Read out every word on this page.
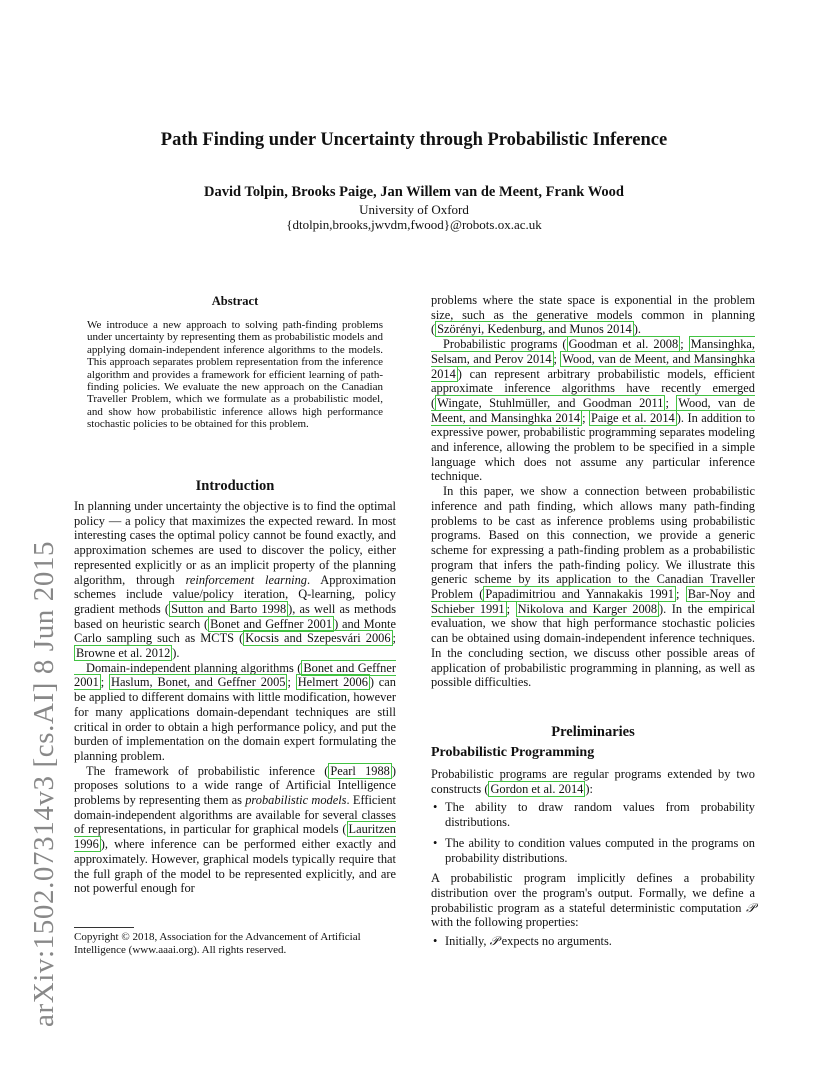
Path Finding under Uncertainty through Probabilistic Inference
David Tolpin, Brooks Paige, Jan Willem van de Meent, Frank Wood
University of Oxford
{dtolpin,brooks,jwvdm,fwood}@robots.ox.ac.uk
arXiv:1502.07314v3 [cs.AI] 8 Jun 2015
Abstract
We introduce a new approach to solving path-finding problems under uncertainty by representing them as probabilistic models and applying domain-independent inference algorithms to the models. This approach separates problem representation from the inference algorithm and provides a framework for efficient learning of path-finding policies. We evaluate the new approach on the Canadian Traveller Problem, which we formulate as a probabilistic model, and show how probabilistic inference allows high performance stochastic policies to be obtained for this problem.
Introduction

In planning under uncertainty the objective is to find the optimal policy — a policy that maximizes the expected reward. In most interesting cases the optimal policy cannot be found exactly, and approximation schemes are used to discover the policy, either represented explicitly or as an implicit property of the planning algorithm, through reinforcement learning. Approximation schemes include value/policy iteration, Q-learning, policy gradient methods ( Sutton and Barto 1998 ), as well as methods based on heuristic search ( Bonet and Geffner 2001 ) and Monte Carlo sampling such as MCTS ( Kocsis and Szepesvári 2006 ; Browne et al. 2012 ).

Domain-independent planning algorithms ( Bonet and Geffner 2001 ; Haslum, Bonet, and Geffner 2005 ; Helmert 2006 ) can be applied to different domains with little modification, however for many applications domain-dependant techniques are still critical in order to obtain a high performance policy, and put the burden of implementation on the domain expert formulating the planning problem.

The framework of probabilistic inference ( Pearl 1988 ) proposes solutions to a wide range of Artificial Intelligence problems by representing them as probabilistic models. Efficient domain-independent algorithms are available for several classes of representations, in particular for graphical models ( Lauritzen 1996 ), where inference can be performed either exactly and approximately. However, graphical models typically require that the full graph of the model to be represented explicitly, and are not powerful enough for

Copyright © 2018, Association for the Advancement of Artificial Intelligence (www.aaai.org). All rights reserved.

problems where the state space is exponential in the problem size, such as the generative models common in planning ( Szörényi, Kedenburg, and Munos 2014 ).

Probabilistic programs ( Goodman et al. 2008 ; Mansinghka, Selsam, and Perov 2014 ; Wood, van de Meent, and Mansinghka 2014 ) can represent arbitrary probabilistic models, efficient approximate inference algorithms have recently emerged ( Wingate, Stuhlmüller, and Goodman 2011 ; Wood, van de Meent, and Mansinghka 2014 ; Paige et al. 2014 ). In addition to expressive power, probabilistic programming separates modeling and inference, allowing the problem to be specified in a simple language which does not assume any particular inference technique.

In this paper, we show a connection between probabilistic inference and path finding, which allows many path-finding problems to be cast as inference problems using probabilistic programs. Based on this connection, we provide a generic scheme for expressing a path-finding problem as a probabilistic program that infers the path-finding policy. We illustrate this generic scheme by its application to the Canadian Traveller Problem ( Papadimitriou and Yannakakis 1991 ; Bar-Noy and Schieber 1991 ; Nikolova and Karger 2008 ). In the empirical evaluation, we show that high performance stochastic policies can be obtained using domain-independent inference techniques. In the concluding section, we discuss other possible areas of application of probabilistic programming in planning, as well as possible difficulties.

Preliminaries
Probabilistic Programming

Probabilistic programs are regular programs extended by two constructs ( Gordon et al. 2014 ):

• The ability to draw random values from probability distributions.
• The ability to condition values computed in the programs on probability distributions.

A probabilistic program implicitly defines a probability distribution over the program's output. Formally, we define a probabilistic program as a stateful deterministic computation 𝒫 with the following properties:

• Initially, 𝒫 expects no arguments.
